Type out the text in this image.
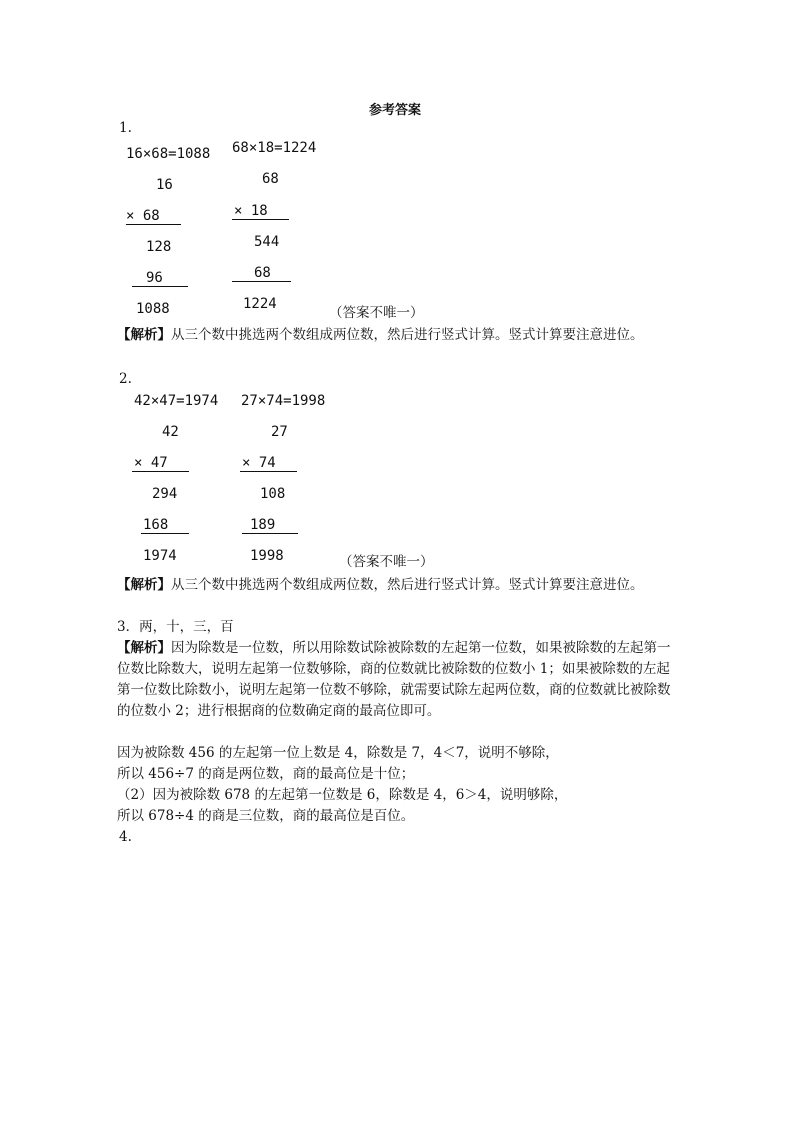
参考答案
1.
16×68=1088 68×18=1224
16
× 68
128
96
1088
68
× 18
544
68
1224
（答案不唯一）
【解析】从三个数中挑选两个数组成两位数，然后进行竖式计算。竖式计算要注意进位。
2.
42×47=1974 27×74=1998
42
× 47
294
168
1974
27
× 74
108
189
1998	（答案不唯一）
【解析】从三个数中挑选两个数组成两位数，然后进行竖式计算。竖式计算要注意进位。
3．两，十，三，百
【解析】因为除数是一位数，所以用除数试除被除数的左起第一位数，如果被除数的左起第一位数比除数大，说明左起第一位数够除，商的位数就比被除数的位数小 1；如果被除数的左起第一位数比除数小，说明左起第一位数不够除，就需要试除左起两位数，商的位数就比被除数的位数小 2；进行根据商的位数确定商的最高位即可。
因为被除数 456 的左起第一位上数是 4，除数是 7，4＜7，说明不够除，
所以 456÷7 的商是两位数，商的最高位是十位；
（2）因为被除数 678 的左起第一位数是 6，除数是 4，6＞4，说明够除，
所以 678÷4 的商是三位数，商的最高位是百位。
4.
